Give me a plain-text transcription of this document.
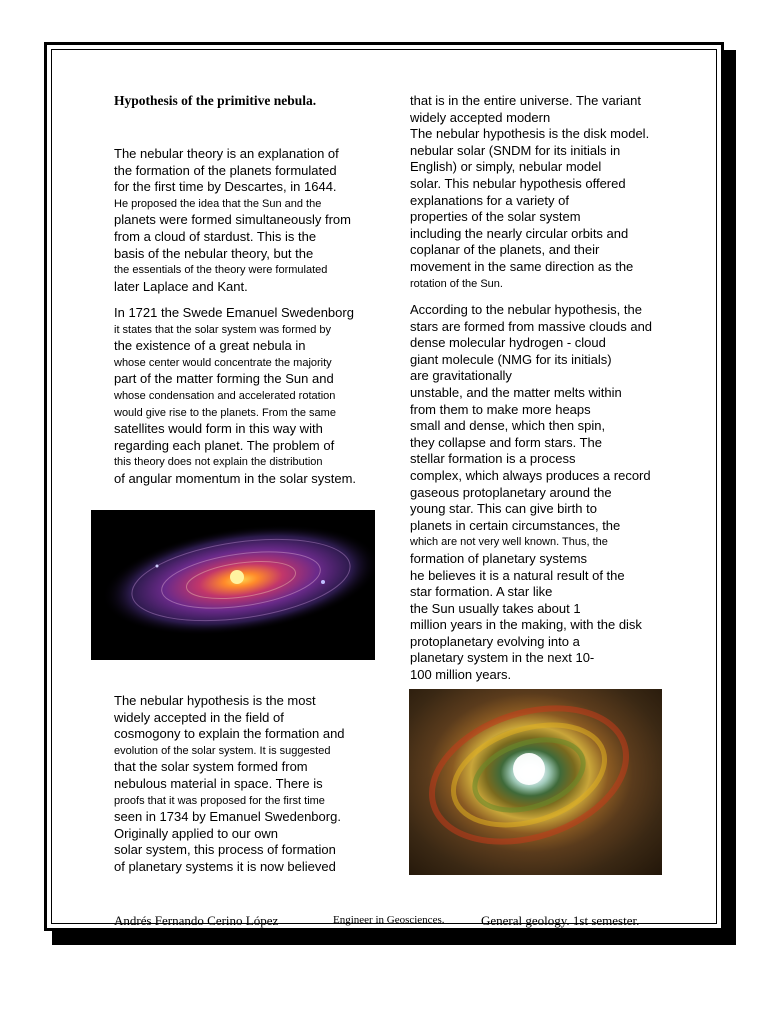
Hypothesis of the primitive nebula.
The nebular theory is an explanation of
the formation of the planets formulated
for the first time by Descartes, in 1644.
He proposed the idea that the Sun and the
planets were formed simultaneously from
from a cloud of stardust. This is the
basis of the nebular theory, but the
the essentials of the theory were formulated
later Laplace and Kant.
In 1721 the Swede Emanuel Swedenborg
it states that the solar system was formed by
the existence of a great nebula in
whose center would concentrate the majority
part of the matter forming the Sun and
whose condensation and accelerated rotation
would give rise to the planets. From the same
satellites would form in this way with
regarding each planet. The problem of
this theory does not explain the distribution
of angular momentum in the solar system.
The nebular hypothesis is the most
widely accepted in the field of
cosmogony to explain the formation and
evolution of the solar system. It is suggested
that the solar system formed from
nebulous material in space. There is
proofs that it was proposed for the first time
seen in 1734 by Emanuel Swedenborg.
Originally applied to our own
solar system, this process of formation
of planetary systems it is now believed
that is in the entire universe. The variant
widely accepted modern
The nebular hypothesis is the disk model.
nebular solar (SNDM for its initials in
English) or simply, nebular model
solar. This nebular hypothesis offered
explanations for a variety of
properties of the solar system
including the nearly circular orbits and
coplanar of the planets, and their
movement in the same direction as the
rotation of the Sun.
According to the nebular hypothesis, the
stars are formed from massive clouds and
dense molecular hydrogen - cloud
giant molecule (NMG for its initials)
are gravitationally
unstable, and the matter melts within
from them to make more heaps
small and dense, which then spin,
they collapse and form stars. The
stellar formation is a process
complex, which always produces a record
gaseous protoplanetary around the
young star. This can give birth to
planets in certain circumstances, the
which are not very well known. Thus, the
formation of planetary systems
he believes it is a natural result of the
star formation. A star like
the Sun usually takes about 1
million years in the making, with the disk
protoplanetary evolving into a
planetary system in the next 10-
100 million years.
Andrés Fernando Cerino López	Engineer in Geosciences.	General geology. 1st semester.
